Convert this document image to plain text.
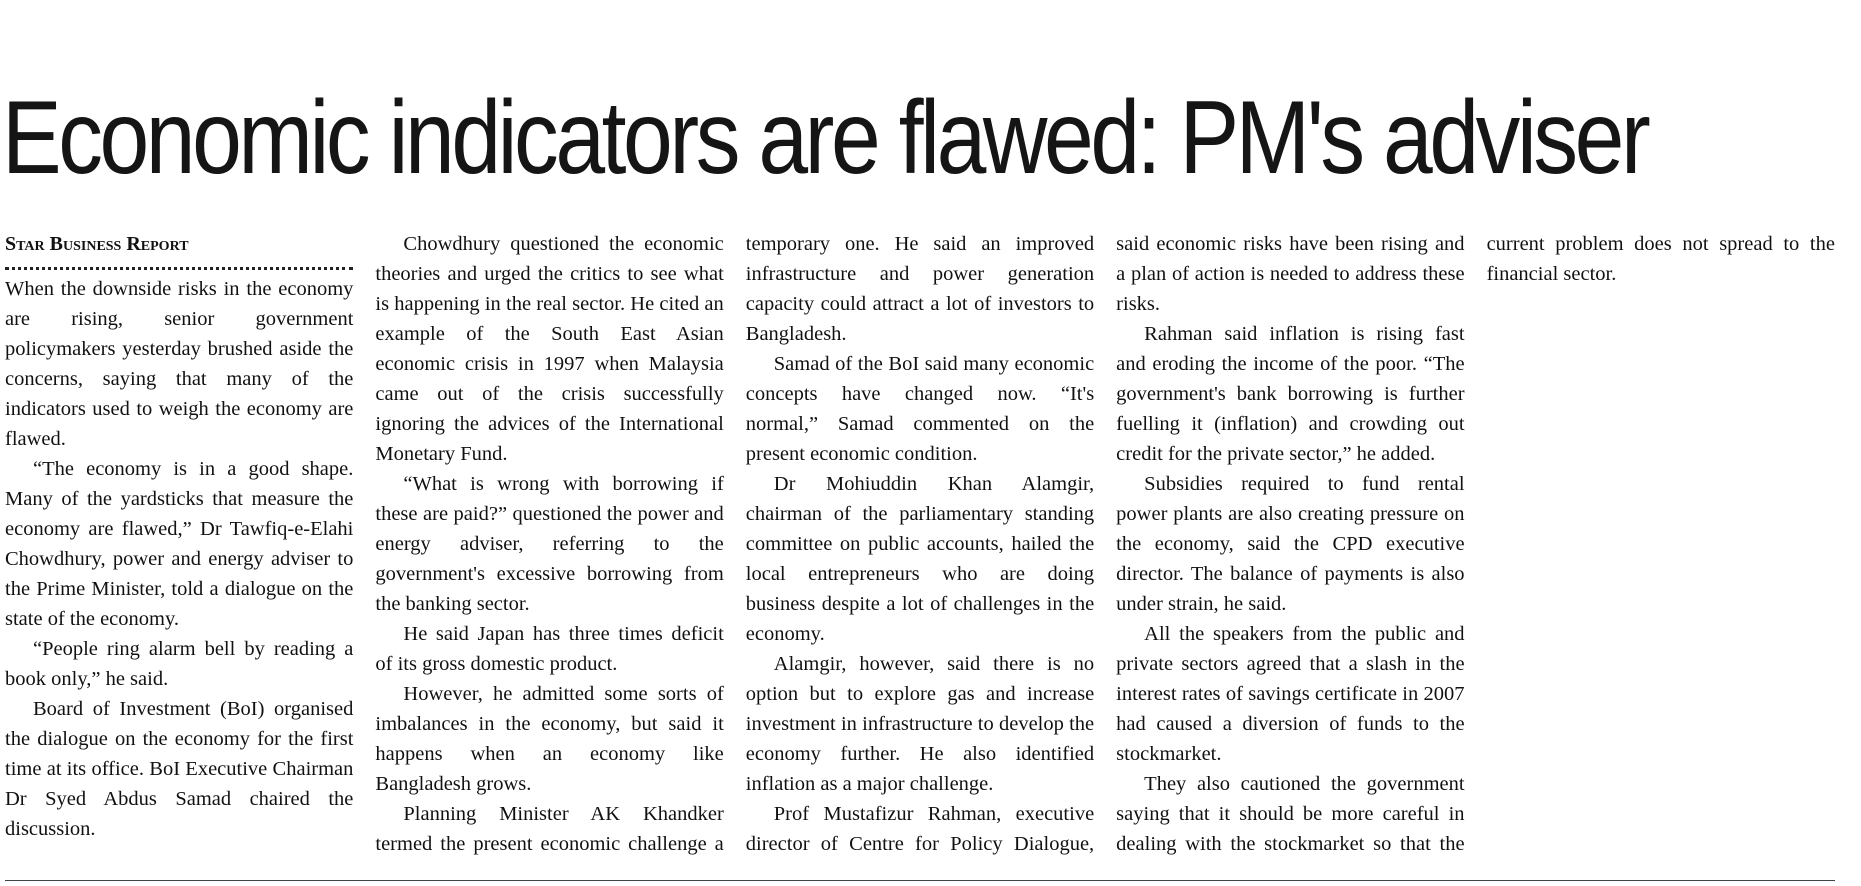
Economic indicators are flawed: PM's adviser
Star Business Report

When the downside risks in the economy are rising, senior government policymakers yesterday brushed aside the concerns, saying that many of the indicators used to weigh the economy are flawed.

“The economy is in a good shape. Many of the yardsticks that measure the economy are flawed,” Dr Tawfiq-e-Elahi Chowdhury, power and energy adviser to the Prime Minister, told a dialogue on the state of the economy.

“People ring alarm bell by reading a book only,” he said.

Board of Investment (BoI) organised the dialogue on the economy for the first time at its office. BoI Executive Chairman Dr Syed Abdus Samad chaired the discussion.

Chowdhury questioned the economic theories and urged the critics to see what is happening in the real sector. He cited an example of the South East Asian economic crisis in 1997 when Malaysia came out of the crisis successfully ignoring the advices of the International Monetary Fund.

“What is wrong with borrowing if these are paid?” questioned the power and energy adviser, referring to the government's excessive borrowing from the banking sector.

He said Japan has three times deficit of its gross domestic product.

However, he admitted some sorts of imbalances in the economy, but said it happens when an economy like Bangladesh grows.

Planning Minister AK Khandker termed the present economic challenge a temporary one. He said an improved infrastructure and power generation capacity could attract a lot of investors to Bangladesh.

Samad of the BoI said many economic concepts have changed now. “It's normal,” Samad commented on the present economic condition.

Dr Mohiuddin Khan Alamgir, chairman of the parliamentary standing committee on public accounts, hailed the local entrepreneurs who are doing business despite a lot of challenges in the economy.

Alamgir, however, said there is no option but to explore gas and increase investment in infrastructure to develop the economy further. He also identified inflation as a major challenge.

Prof Mustafizur Rahman, executive director of Centre for Policy Dialogue, said economic risks have been rising and a plan of action is needed to address these risks.

Rahman said inflation is rising fast and eroding the income of the poor. “The government's bank borrowing is further fuelling it (inflation) and crowding out credit for the private sector,” he added.

Subsidies required to fund rental power plants are also creating pressure on the economy, said the CPD executive director. The balance of payments is also under strain, he said.

All the speakers from the public and private sectors agreed that a slash in the interest rates of savings certificate in 2007 had caused a diversion of funds to the stockmarket.

They also cautioned the government saying that it should be more careful in dealing with the stockmarket so that the current problem does not spread to the financial sector.
